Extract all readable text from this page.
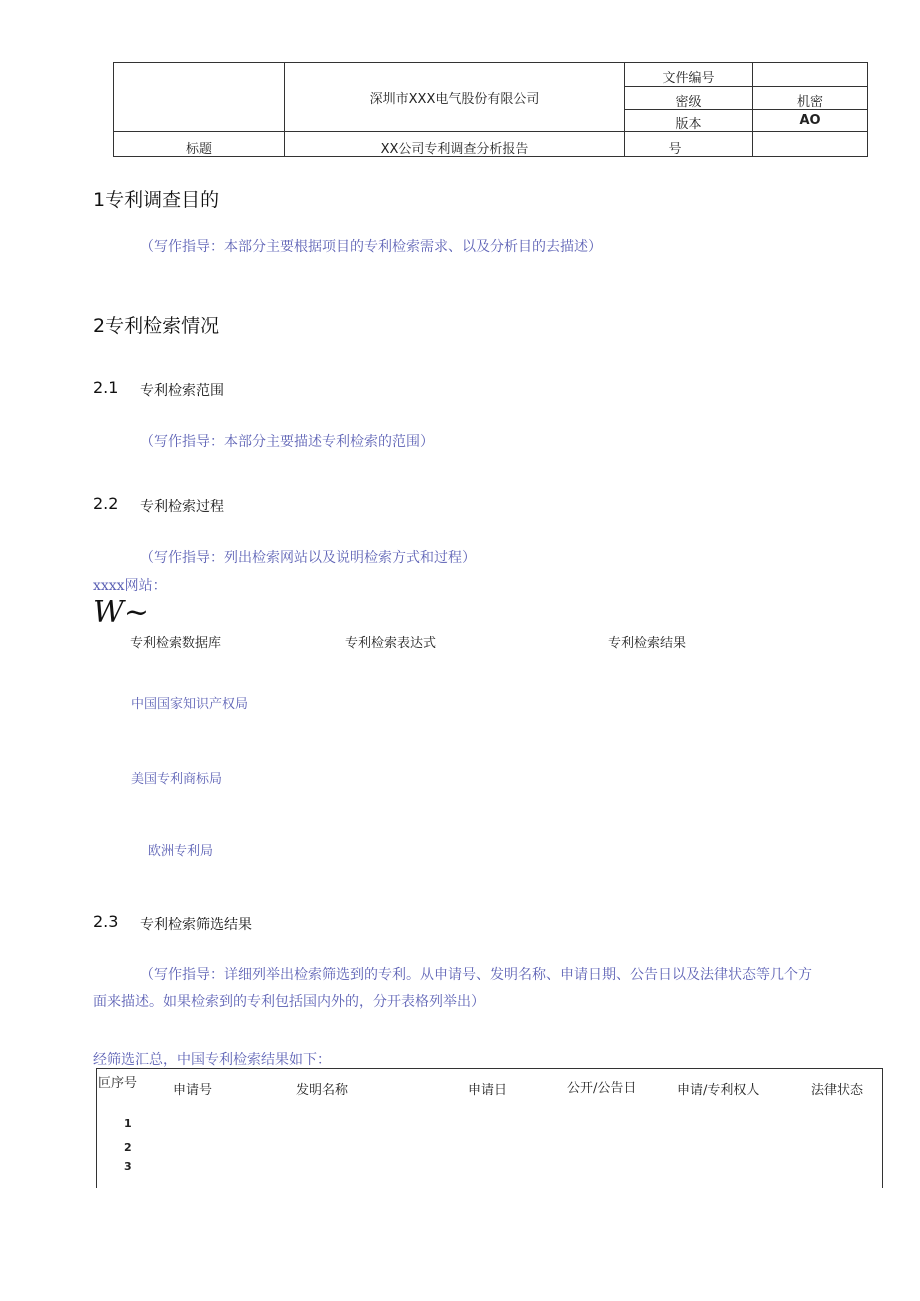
深圳市XXX电气股份有限公司
文件编号
密级	机密
版本	AO
标题	XX公司专利调查分析报告	号
1专利调查目的
（写作指导：本部分主要根据项目的专利检索需求、以及分析目的去描述）
2专利检索情况
2.1 专利检索范围
（写作指导：本部分主要描述专利检索的范围）
2.2 专利检索过程
（写作指导：列出检索网站以及说明检索方式和过程）
xxxx网站：
W~
专利检索数据库	专利检索表达式	专利检索结果
中国国家知识产权局
美国专利商标局
欧洲专利局
2.3 专利检索筛选结果
（写作指导：详细列举出检索筛选到的专利。从申请号、发明名称、申请日期、公告日以及法律状态等几个方
面来描述。如果检索到的专利包括国内外的，分开表格列举出）
经筛选汇总，中国专利检索结果如下：
叵序号	申请号	发明名称	申请日	公开/公告日	申请/专利权人	法律状态
1
2
3
